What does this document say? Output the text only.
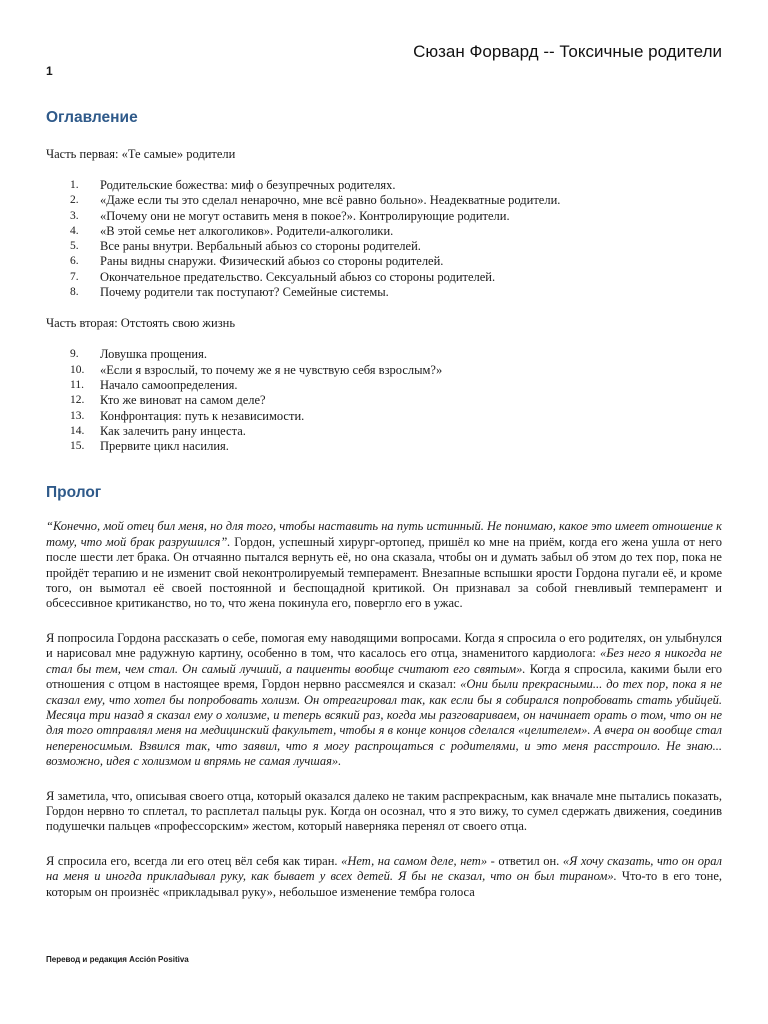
Сюзан Форвард -- Токсичные родители
1
Оглавление

Часть первая: «Те самые» родители

1.	Родительские божества: миф о безупречных родителях.
2.	«Даже если ты это сделал ненарочно, мне всё равно больно». Неадекватные родители.
3.	«Почему они не могут оставить меня в покое?». Контролирующие родители.
4.	«В этой семье нет алкоголиков». Родители-алкоголики.
5.	Все раны внутри. Вербальный абьюз со стороны родителей.
6.	Раны видны снаружи. Физический абьюз со стороны родителей.
7.	Окончательное предательство. Сексуальный абьюз со стороны родителей.
8.	Почему родители так поступают? Семейные системы.

Часть вторая: Отстоять свою жизнь

9.	Ловушка прощения.
10.	«Если я взрослый, то почему же я не чувствую себя взрослым?»
11.	Начало самоопределения.
12.	Кто же виноват на самом деле?
13.	Конфронтация: путь к независимости.
14.	Как залечить рану инцеста.
15.	Прервите цикл насилия.
Пролог

“Конечно, мой отец бил меня, но для того, чтобы наставить на путь истинный. Не понимаю, какое это имеет отношение к тому, что мой брак разрушился”. Гордон, успешный хирург-ортопед, пришёл ко мне на приём, когда его жена ушла от него после шести лет брака. Он отчаянно пытался вернуть её, но она сказала, чтобы он и думать забыл об этом до тех пор, пока не пройдёт терапию и не изменит свой неконтролируемый темперамент. Внезапные вспышки ярости Гордона пугали её, и кроме того, он вымотал её своей постоянной и беспощадной критикой. Он признавал за собой гневливый темперамент и обсессивное критиканство, но то, что жена покинула его, повергло его в ужас.

Я попросила Гордона рассказать о себе, помогая ему наводящими вопросами. Когда я спросила о его родителях, он улыбнулся и нарисовал мне радужную картину, особенно в том, что касалось его отца, знаменитого кардиолога: «Без него я никогда не стал бы тем, чем стал. Он самый лучший, а пациенты вообще считают его святым». Когда я спросила, какими были его отношения с отцом в настоящее время, Гордон нервно рассмеялся и сказал: «Они были прекрасными... до тех пор, пока я не сказал ему, что хотел бы попробовать холизм. Он отреагировал так, как если бы я собирался попробовать стать убийцей. Месяца три назад я сказал ему о холизме, и теперь всякий раз, когда мы разговариваем, он начинает орать о том, что он не для того отправлял меня на медицинский факультет, чтобы я в конце концов сделался «целителем». А вчера он вообще стал непереносимым. Взвился так, что заявил, что я могу распрощаться с родителями, и это меня расстроило. Не знаю... возможно, идея с холизмом и впрямь не самая лучшая».

Я заметила, что, описывая своего отца, который оказался далеко не таким распрекрасным, как вначале мне пытались показать, Гордон нервно то сплетал, то расплетал пальцы рук. Когда он осознал, что я это вижу, то сумел сдержать движения, соединив подушечки пальцев «профессорским» жестом, который наверняка перенял от своего отца.

Я спросила его, всегда ли его отец вёл себя как тиран. «Нет, на самом деле, нет» - ответил он. «Я хочу сказать, что он орал на меня и иногда прикладывал руку, как бывает у всех детей. Я бы не сказал, что он был тираном». Что-то в его тоне, которым он произнёс «прикладывал руку», небольшое изменение тембра голоса

Перевод и редакция Acción Positiva
